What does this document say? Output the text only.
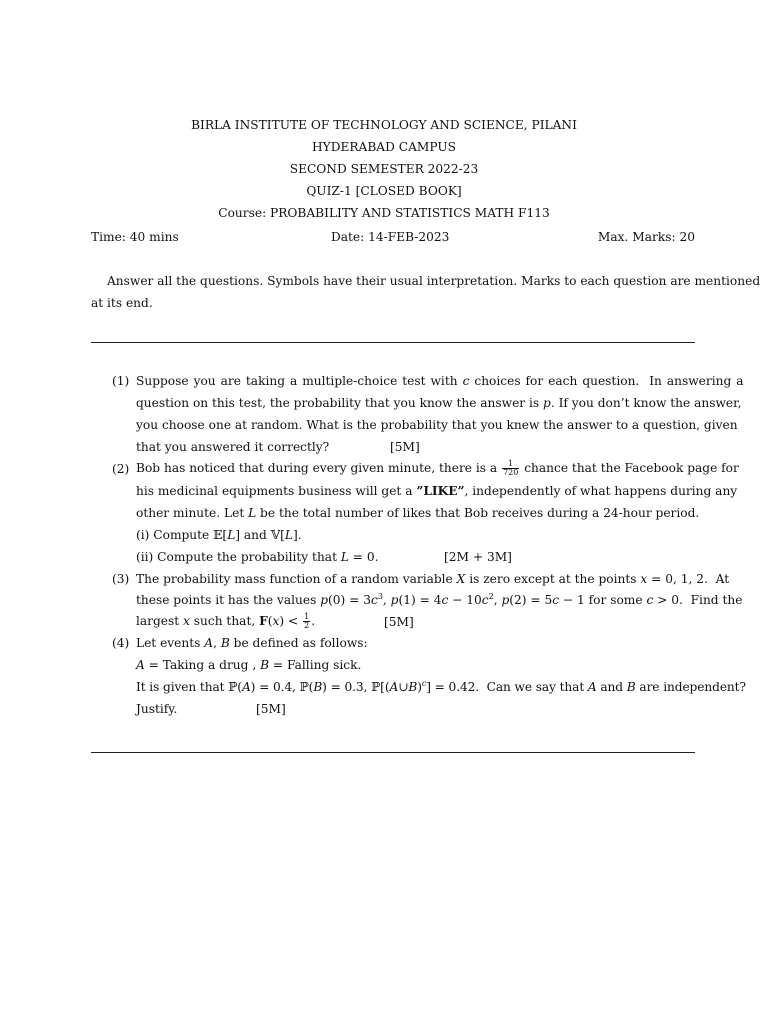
BIRLA INSTITUTE OF TECHNOLOGY AND SCIENCE, PILANI
HYDERABAD CAMPUS
SECOND SEMESTER 2022-23
QUIZ-1 [CLOSED BOOK]
Course: PROBABILITY AND STATISTICS MATH F113
Time: 40 mins	Date: 14-FEB-2023	Max. Marks: 20
Answer all the questions. Symbols have their usual interpretation. Marks to each question are mentioned
at its end.
(1) Suppose you are taking a multiple-choice test with c choices for each question.  In answering a
question on this test, the probability that you know the answer is p. If you don’t know the answer,
you choose one at random. What is the probability that you knew the answer to a question, given
that you answered it correctly?	[5M]
(2) Bob has noticed that during every given minute, there is a $\frac{1}{720}$ chance that the Facebook page for
his medicinal equipments business will get a ”LIKE”, independently of what happens during any
other minute. Let L be the total number of likes that Bob receives during a 24-hour period.
(i) Compute 𝔼[L] and 𝕍[L].
(ii) Compute the probability that L = 0.	[2M + 3M]
(3) The probability mass function of a random variable X is zero except at the points x = 0, 1, 2.  At
these points it has the values $p(0) = 3c^3$, $p(1) = 4c - 10c^2$, p(2) = 5c − 1 for some c > 0.  Find the
largest x such that, $F(x) < \frac{1}{2}$ .	[5M]
(4) Let events A, B be defined as follows:
A = Taking a drug , B = Falling sick.
It is given that ℙ(A) = 0.4, ℙ(B) = 0.3, ℙ[(A∪B)$^c$] = 0.42.  Can we say that A and B are independent?
Justify.	[5M]
